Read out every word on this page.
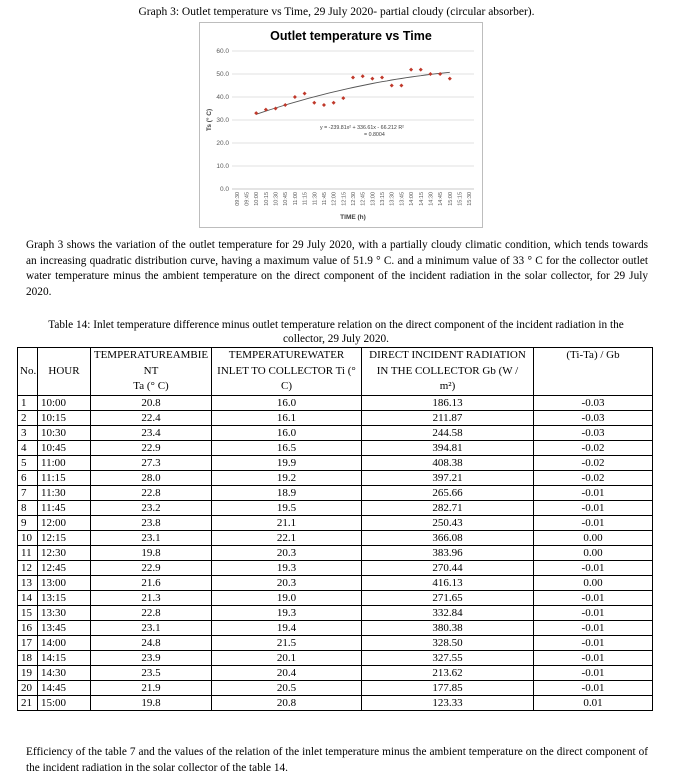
Graph 3: Outlet temperature vs Time, 29 July 2020- partial cloudy (circular absorber).
Outlet temperature vs Time
0.0
10.0
20.0
30.0
40.0
50.0
60.0
09:30 09:45 10:00 10:15 10:30 10:45 11:00 11:15 11:30 11:45 12:00 12:15 12:30 12:45 13:00 13:15 13:30 13:45 14:00 14:15 14:30 14:45 15:00 15:15 15:30
TIME (h)
Ts (° C)	y = -239.81x² + 336.61x - 66.212 R²
= 0.8004
Graph 3 shows the variation of the outlet temperature for 29 July 2020, with a partially cloudy climatic condition, which tends towards an increasing quadratic distribution curve, having a maximum value of 51.9 ° C. and a minimum value of 33 ° C for the collector outlet water temperature minus the ambient temperature on the direct component of the incident radiation in the solar collector, for 29 July 2020.
Table 14: Inlet temperature difference minus outlet temperature relation on the direct component of the incident radiation in the collector, 29 July 2020.

No.	HOUR	TEMPERATUREAMBIE
NT
Ta (° C)	TEMPERATUREWATER
INLET TO COLLECTOR Ti (°
C)	DIRECT INCIDENT RADIATION
IN THE COLLECTOR Gb (W /
m²)	(Ti-Ta) / Gb

1	10:00	20.8	16.0	186.13	-0.03
2	10:15	22.4	16.1	211.87	-0.03
3	10:30	23.4	16.0	244.58	-0.03
4	10:45	22.9	16.5	394.81	-0.02
5	11:00	27.3	19.9	408.38	-0.02
6	11:15	28.0	19.2	397.21	-0.02
7	11:30	22.8	18.9	265.66	-0.01
8	11:45	23.2	19.5	282.71	-0.01
9	12:00	23.8	21.1	250.43	-0.01
10	12:15	23.1	22.1	366.08	0.00
11	12:30	19.8	20.3	383.96	0.00
12	12:45	22.9	19.3	270.44	-0.01
13	13:00	21.6	20.3	416.13	0.00
14	13:15	21.3	19.0	271.65	-0.01
15	13:30	22.8	19.3	332.84	-0.01
16	13:45	23.1	19.4	380.38	-0.01
17	14:00	24.8	21.5	328.50	-0.01
18	14:15	23.9	20.1	327.55	-0.01
19	14:30	23.5	20.4	213.62	-0.01
20	14:45	21.9	20.5	177.85	-0.01
21	15:00	19.8	20.8	123.33	0.01
Efficiency of the table 7 and the values of the relation of the inlet temperature minus the ambient temperature on the direct component of the incident radiation in the solar collector of the table 14.
